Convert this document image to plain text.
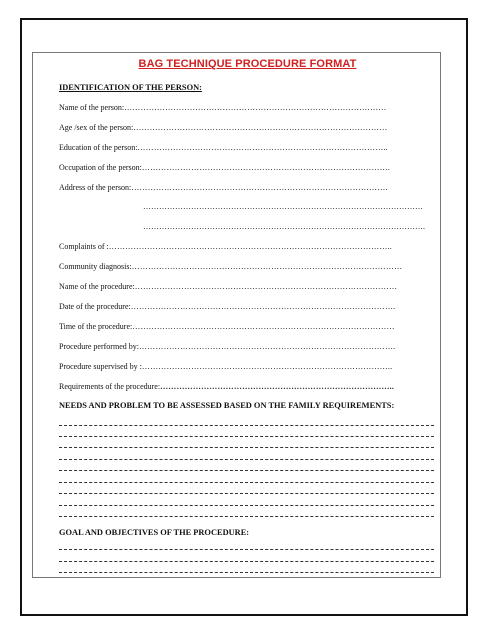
BAG TECHNIQUE PROCEDURE FORMAT
IDENTIFICATION OF THE PERSON:
Name of the person:……………………………………………………………………………………
Age /sex of the person:…………………………………………………………………………………
Education of the person:………………………………………………………………………………..
Occupation of the person:……………………………………………………………………………….
Address of the person:………………………………………………………………………………….
……………………………………………………………………………………………
…………………………………………………………………………………………….
Complaints of :…………………………………………………………………………………………..
Community diagnosis:………………………………………………………………………………………
Name of the procedure:……………………………………………………………………………………
Date of the procedure:…………………………………………………………………………………….
Time of the procedure:……………………………………………………………………………………
Procedure performed by:………………………………………………………………………………….
Procedure supervised by :………………………………………………………………………………..
Requirements of the procedure:…………………………………………………………………………..
NEEDS AND PROBLEM TO BE ASSESSED BASED ON THE FAMILY REQUIREMENTS:
GOAL AND OBJECTIVES OF THE PROCEDURE:
